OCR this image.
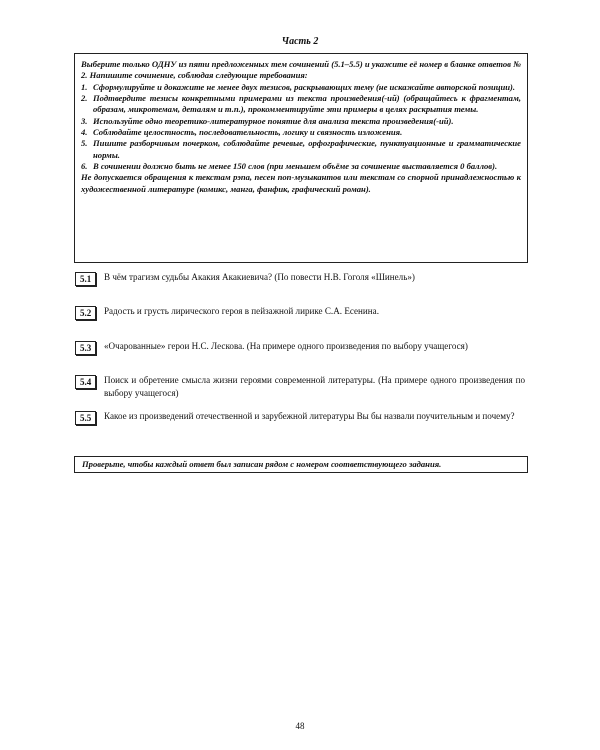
Часть 2

Выберите только ОДНУ из пяти предложенных тем сочинений (5.1–5.5) и укажите её номер в бланке ответов № 2. Напишите сочинение, соблюдая следующие требования:

1. Сформулируйте и докажите не менее двух тезисов, раскрывающих тему (не искажайте авторской позиции).
2. Подтвердите тезисы конкретными примерами из текста произведения(-ий) (обращайтесь к фрагментам, образам, микротемам, деталям и т.п.), прокомментируйте эти примеры в целях раскрытия темы.
3. Используйте одно теоретико-литературное понятие для анализа текста произведения(-ий).
4. Соблюдайте целостность, последовательность, логику и связность изложения.
5. Пишите разборчивым почерком, соблюдайте речевые, орфографические, пунктуационные и грамматические нормы.
6. В сочинении должно быть не менее 150 слов (при меньшем объёме за сочинение выставляется 0 баллов).

Не допускается обращения к текстам рэпа, песен поп-музыкантов или текстам со спорной принадлежностью к художественной литературе (комикс, манга, фанфик, графический роман).

5.1	В чём трагизм судьбы Акакия Акакиевича? (По повести Н.В. Гоголя «Шинель»)
5.2	Радость и грусть лирического героя в пейзажной лирике С.А. Есенина.
5.3	«Очарованные» герои Н.С. Лескова. (На примере одного произведения по выбору учащегося)
5.4	Поиск и обретение смысла жизни героями современной литературы. (На примере одного произведения по выбору учащегося)
5.5	Какое из произведений отечественной и зарубежной литературы Вы бы назвали поучительным и почему?
Проверьте, чтобы каждый ответ был записан рядом с номером соответствующего задания.
48
